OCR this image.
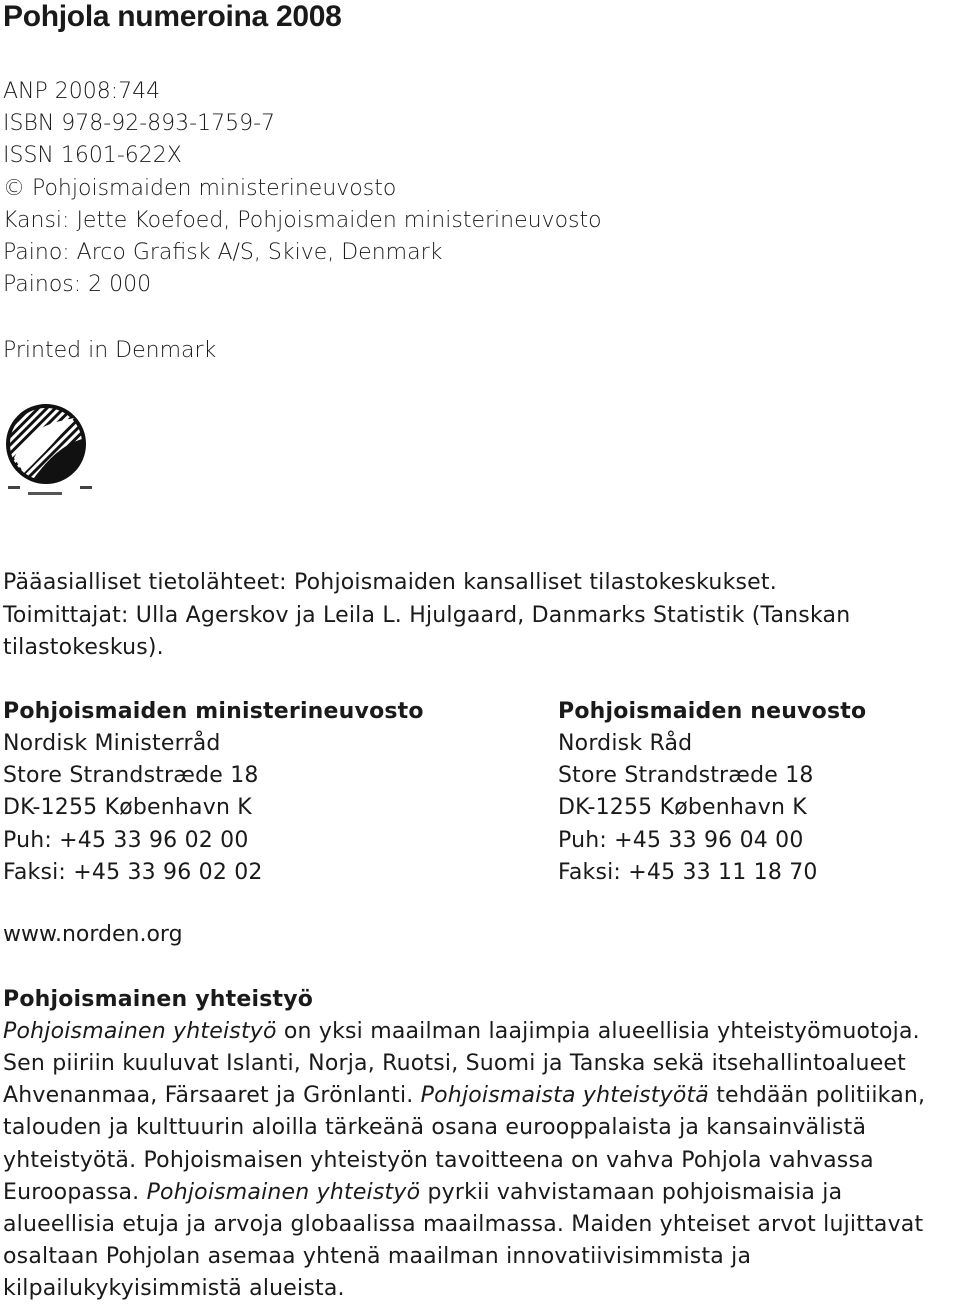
Pohjola numeroina 2008
ANP 2008:744
ISBN 978-92-893-1759-7
ISSN 1601-622X
© Pohjoismaiden ministerineuvosto
Kansi: Jette Koefoed, Pohjoismaiden ministerineuvosto
Paino: Arco Grafisk A/S, Skive, Denmark
Painos: 2 000
Printed in Denmark
Pääasialliset tietolähteet: Pohjoismaiden kansalliset tilastokeskukset.
Toimittajat: Ulla Agerskov ja Leila L. Hjulgaard, Danmarks Statistik (Tanskan
tilastokeskus).
Pohjoismaiden ministerineuvosto
Nordisk Ministerråd
Store Strandstræde 18
DK-1255 København K
Puh: +45 33 96 02 00
Faksi: +45 33 96 02 02
Pohjoismaiden neuvosto
Nordisk Råd
Store Strandstræde 18
DK-1255 København K
Puh: +45 33 96 04 00
Faksi: +45 33 11 18 70
www.norden.org
Pohjoismainen yhteistyö
Pohjoismainen yhteistyö on yksi maailman laajimpia alueellisia yhteistyömuotoja.
Sen piiriin kuuluvat Islanti, Norja, Ruotsi, Suomi ja Tanska sekä itsehallintoalueet
Ahvenanmaa, Färsaaret ja Grönlanti. Pohjoismaista yhteistyötä tehdään politiikan,
talouden ja kulttuurin aloilla tärkeänä osana eurooppalaista ja kansainvälistä
yhteistyötä. Pohjoismaisen yhteistyön tavoitteena on vahva Pohjola vahvassa
Euroopassa. Pohjoismainen yhteistyö pyrkii vahvistamaan pohjoismaisia ja
alueellisia etuja ja arvoja globaalissa maailmassa. Maiden yhteiset arvot lujittavat
osaltaan Pohjolan asemaa yhtenä maailman innovatiivisimmista ja
kilpailukykyisimmistä alueista.
